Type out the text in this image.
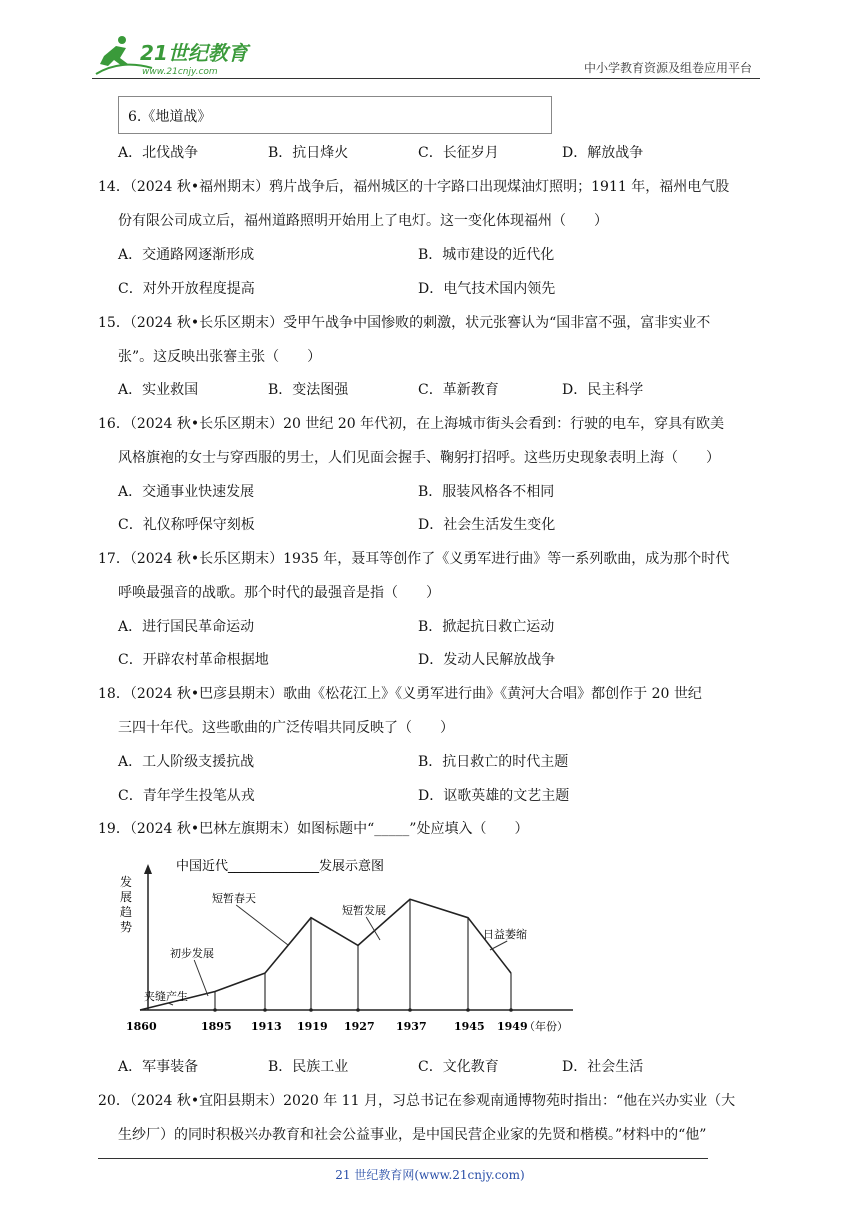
21世纪教育
www.21cnjy.com	中小学教育资源及组卷应用平台
6.《地道战》
A．北伐战争	B．抗日烽火	C．长征岁月	D．解放战争
14．（2024 秋•福州期末）鸦片战争后，福州城区的十字路口出现煤油灯照明；1911 年，福州电气股
份有限公司成立后，福州道路照明开始用上了电灯。这一变化体现福州（　　）
A．交通路网逐渐形成	B．城市建设的近代化
C．对外开放程度提高	D．电气技术国内领先
15．（2024 秋•长乐区期末）受甲午战争中国惨败的刺激，状元张謇认为“国非富不强，富非实业不
张”。这反映出张謇主张（　　）
A．实业救国	B．变法图强	C．革新教育	D．民主科学
16．（2024 秋•长乐区期末）20 世纪 20 年代初，在上海城市街头会看到：行驶的电车，穿具有欧美
风格旗袍的女士与穿西服的男士，人们见面会握手、鞠躬打招呼。这些历史现象表明上海（　　）
A．交通事业快速发展	B．服装风格各不相同
C．礼仪称呼保守刻板	D．社会生活发生变化
17．（2024 秋•长乐区期末）1935 年，聂耳等创作了《义勇军进行曲》等一系列歌曲，成为那个时代
呼唤最强音的战歌。那个时代的最强音是指（　　）
A．进行国民革命运动	B．掀起抗日救亡运动
C．开辟农村革命根据地	D．发动人民解放战争
18．（2024 秋•巴彦县期末）歌曲《松花江上》《义勇军进行曲》《黄河大合唱》都创作于 20 世纪
三四十年代。这些歌曲的广泛传唱共同反映了（　　）
A．工人阶级支援抗战	B．抗日救亡的时代主题
C．青年学生投笔从戎	D．讴歌英雄的文艺主题
19．（2024 秋•巴林左旗期末）如图标题中“_____”处应填入（　　）
中国近代______________发展示意图
发
展
趋
势
1860	1895 1913 1919 1927 1937 1945 1949
（年份）
夹缝产生
初步发展
短暂春天
短暂发展
日益萎缩
A．军事装备	B．民族工业	C．文化教育	D．社会生活
20．（2024 秋•宜阳县期末）2020 年 11 月，习总书记在参观南通博物苑时指出：“他在兴办实业（大
生纱厂）的同时积极兴办教育和社会公益事业，是中国民营企业家的先贤和楷模。”材料中的“他”
21 世纪教育网(www.21cnjy.com)
